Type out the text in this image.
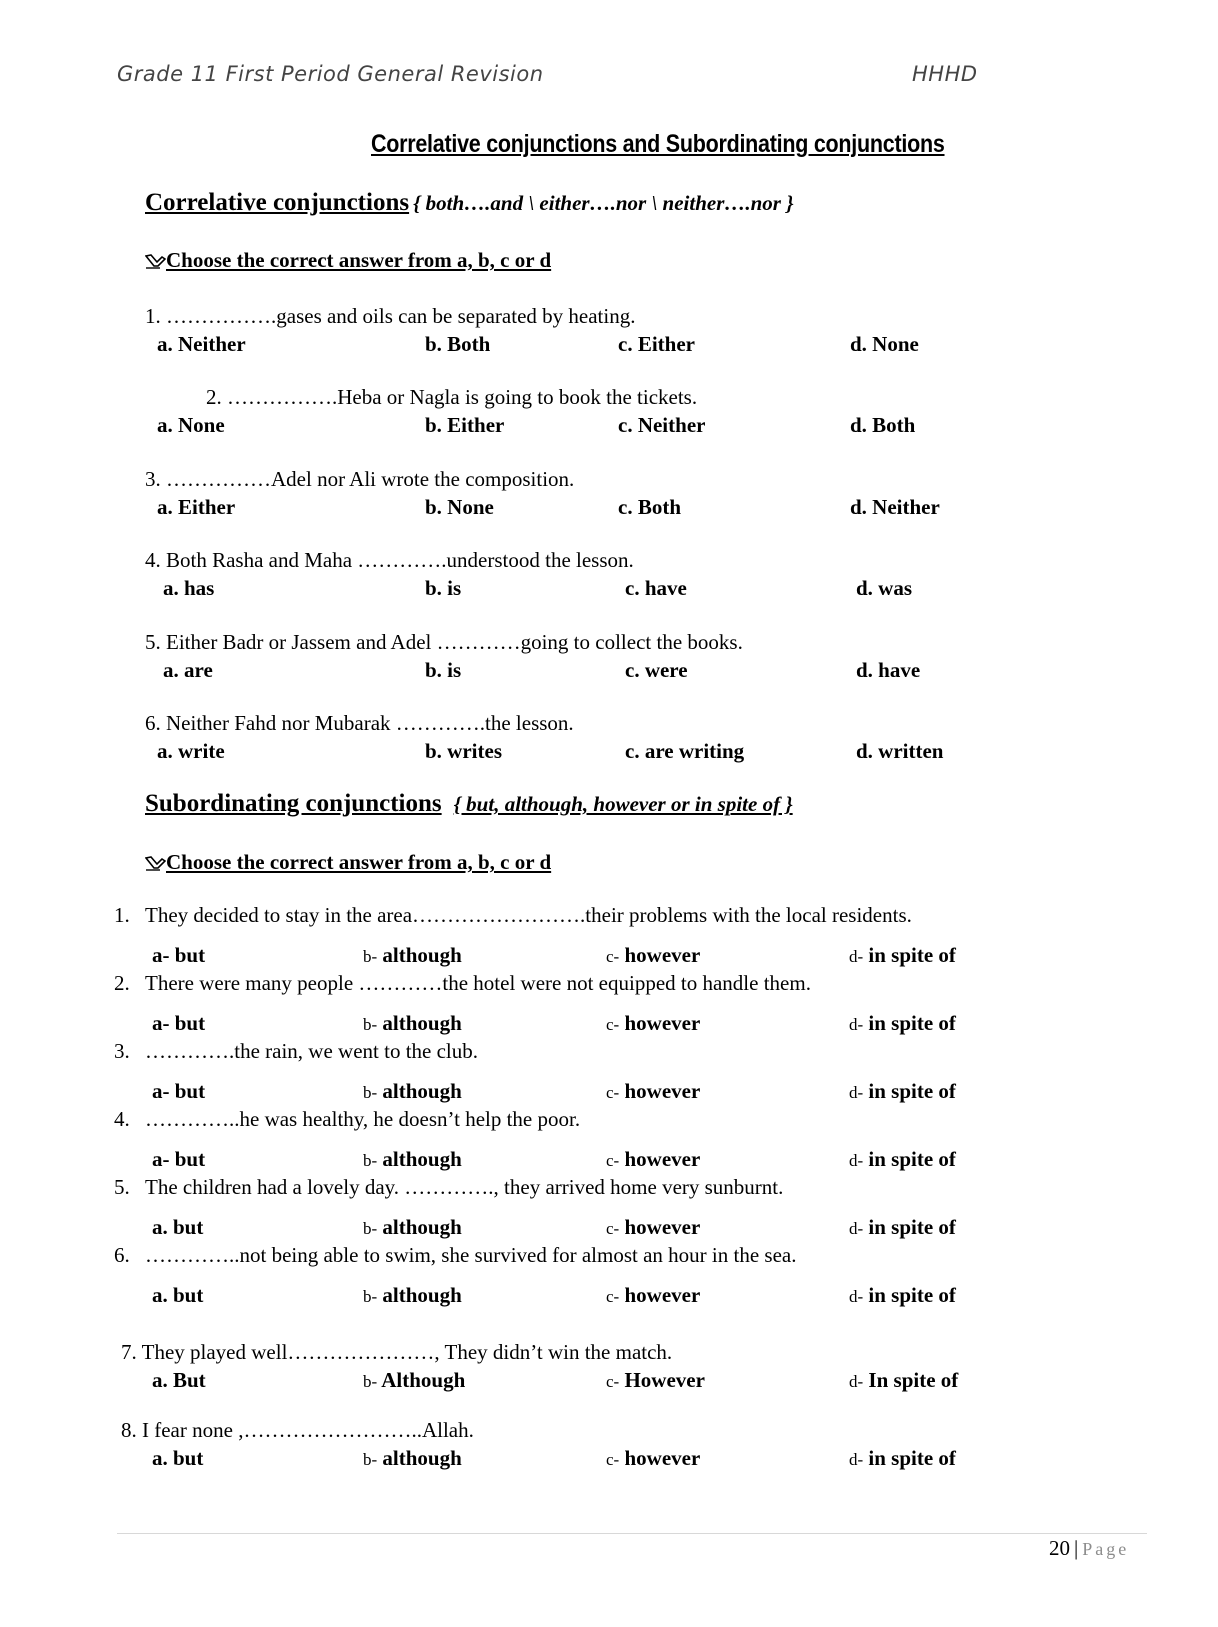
Grade 11 First Period General Revision	HHHD
Correlative conjunctions and Subordinating conjunctions
Correlative conjunctions { both….and \ either….nor \ neither….nor }
Choose the correct answer from a, b, c or d
1. …………….gases and oils can be separated by heating.
a. Neither	b. Both	c. Either	d. None
2. …………….Heba or Nagla is going to book the tickets.
a. None	b. Either	c. Neither	d. Both
3. ……………Adel nor Ali wrote the composition.
a. Either	b. None	c. Both	d. Neither
4. Both Rasha and Maha ………….understood the lesson.
a. has	b. is	c. have	d. was
5. Either Badr or Jassem and Adel …………going to collect the books.
a. are	b. is	c. were	d. have
6. Neither Fahd nor Mubarak ………….the lesson.
a. write	b. writes	c. are writing	d. written
Subordinating conjunctions { but, although, however or in spite of }
Choose the correct answer from a, b, c or d
1. They decided to stay in the area…………………….their problems with the local residents.
a- but	b- although	c- however	d- in spite of
2. There were many people …………the hotel were not equipped to handle them.
a- but	b- although	c- however	d- in spite of
3. ………….the rain, we went to the club.
a- but	b- although	c- however	d- in spite of
4. …………..he was healthy, he doesn’t help the poor.
a- but	b- although	c- however	d- in spite of
5. The children had a lovely day. …………., they arrived home very sunburnt.
a. but	b- although	c- however	d- in spite of
6. …………..not being able to swim, she survived for almost an hour in the sea.
a. but	b- although	c- however	d- in spite of
7. They played well…………………, They didn’t win the match.
a. But	b- Although	c- However	d- In spite of
8. I fear none ,……………………..Allah.
a. but	b- although	c- however	d- in spite of
20 | Page
